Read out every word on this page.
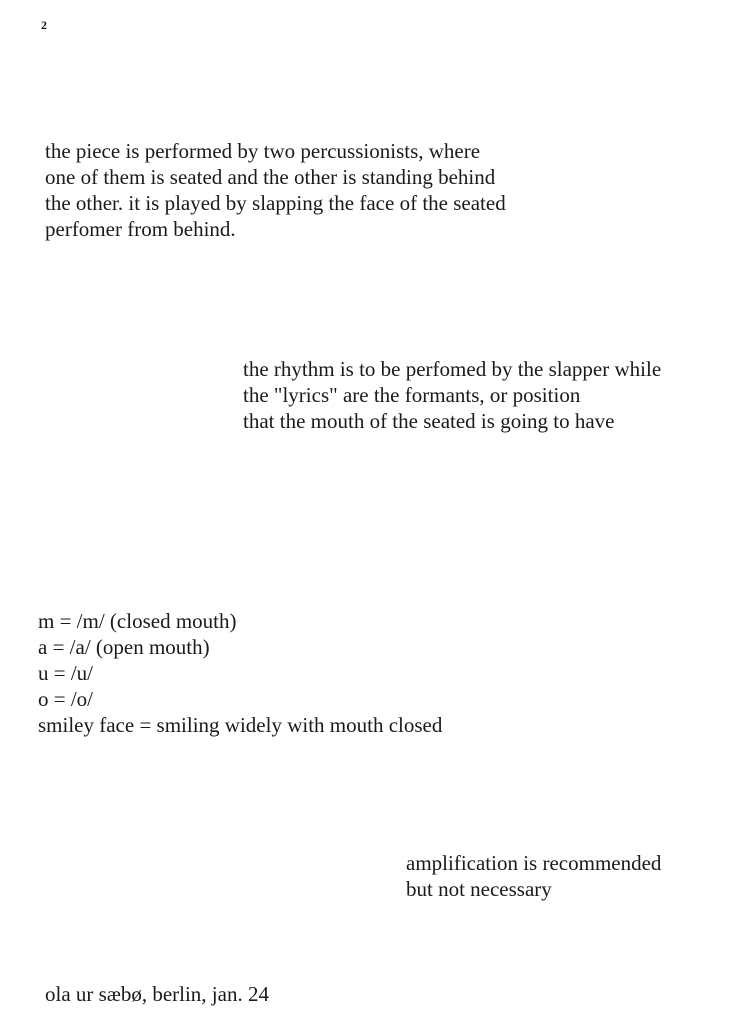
2
the piece is performed by two percussionists, where
one of them is seated and the other is standing behind
the other. it is played by slapping the face of the seated
perfomer from behind.
the rhythm is to be perfomed by the slapper while
the "lyrics" are the formants, or position
that the mouth of the seated is going to have
m = /m/ (closed mouth)
a = /a/ (open mouth)
u = /u/
o = /o/
smiley face = smiling widely with mouth closed
amplification is recommended
but not necessary
ola ur sæbø, berlin, jan. 24
